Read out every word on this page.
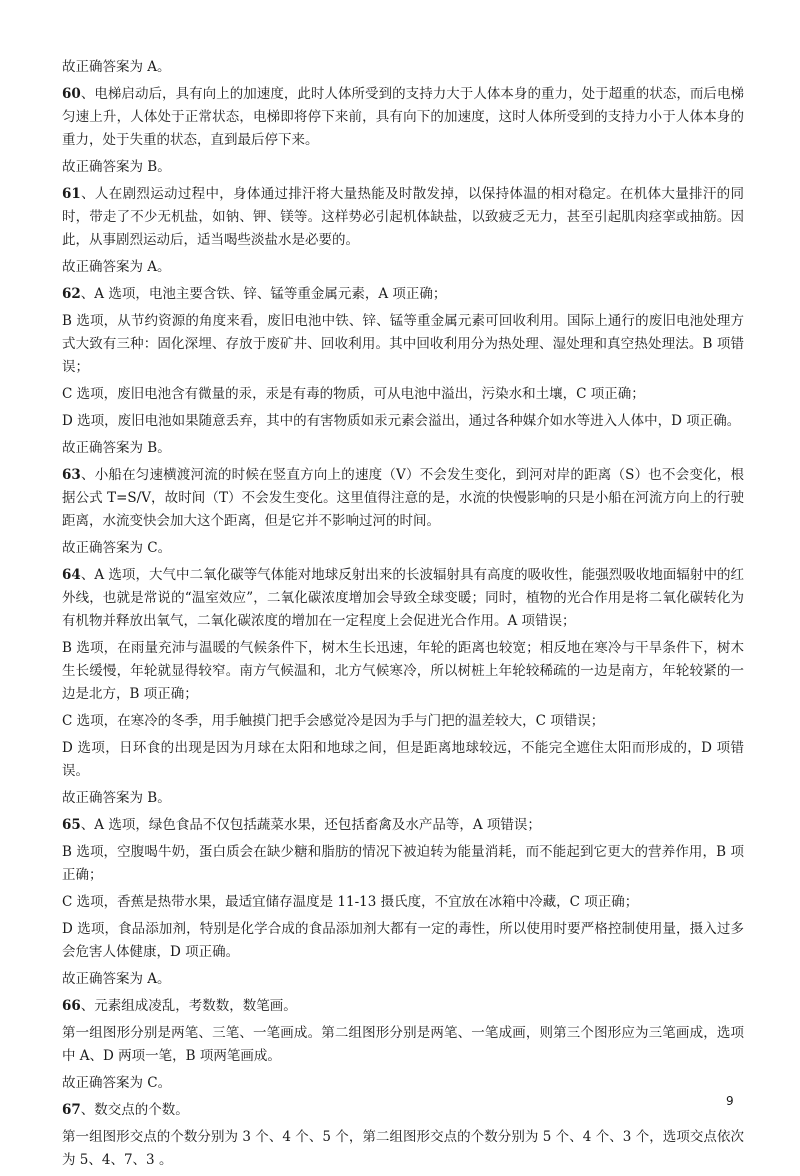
故正确答案为 A。

60、电梯启动后，具有向上的加速度，此时人体所受到的支持力大于人体本身的重力，处于超重的状态，而后电梯匀速上升，人体处于正常状态，电梯即将停下来前，具有向下的加速度，这时人体所受到的支持力小于人体本身的重力，处于失重的状态，直到最后停下来。

故正确答案为 B。

61、人在剧烈运动过程中，身体通过排汗将大量热能及时散发掉，以保持体温的相对稳定。在机体大量排汗的同时，带走了不少无机盐，如钠、钾、镁等。这样势必引起机体缺盐，以致疲乏无力，甚至引起肌肉痉挛或抽筋。因此，从事剧烈运动后，适当喝些淡盐水是必要的。

故正确答案为 A。

62、A 选项，电池主要含铁、锌、锰等重金属元素，A 项正确；

B 选项，从节约资源的角度来看，废旧电池中铁、锌、锰等重金属元素可回收利用。国际上通行的废旧电池处理方式大致有三种：固化深埋、存放于废矿井、回收利用。其中回收利用分为热处理、湿处理和真空热处理法。B 项错误；

C 选项，废旧电池含有微量的汞，汞是有毒的物质，可从电池中溢出，污染水和土壤，C 项正确；

D 选项，废旧电池如果随意丢弃，其中的有害物质如汞元素会溢出，通过各种媒介如水等进入人体中，D 项正确。

故正确答案为 B。

63、小船在匀速横渡河流的时候在竖直方向上的速度（V）不会发生变化，到河对岸的距离（S）也不会变化，根据公式 T=S/V，故时间（T）不会发生变化。这里值得注意的是，水流的快慢影响的只是小船在河流方向上的行驶距离，水流变快会加大这个距离，但是它并不影响过河的时间。

故正确答案为 C。

64、A 选项，大气中二氧化碳等气体能对地球反射出来的长波辐射具有高度的吸收性，能强烈吸收地面辐射中的红外线，也就是常说的“温室效应”，二氧化碳浓度增加会导致全球变暖；同时，植物的光合作用是将二氧化碳转化为有机物并释放出氧气，二氧化碳浓度的增加在一定程度上会促进光合作用。A 项错误；

B 选项，在雨量充沛与温暖的气候条件下，树木生长迅速，年轮的距离也较宽；相反地在寒冷与干旱条件下，树木生长缓慢，年轮就显得较窄。南方气候温和，北方气候寒冷，所以树桩上年轮较稀疏的一边是南方，年轮较紧的一边是北方，B 项正确；

C 选项，在寒冷的冬季，用手触摸门把手会感觉冷是因为手与门把的温差较大，C 项错误；

D 选项，日环食的出现是因为月球在太阳和地球之间，但是距离地球较远，不能完全遮住太阳而形成的，D 项错误。

故正确答案为 B。

65、A 选项，绿色食品不仅包括蔬菜水果，还包括畜禽及水产品等，A 项错误；

B 选项，空腹喝牛奶，蛋白质会在缺少糖和脂肪的情况下被迫转为能量消耗，而不能起到它更大的营养作用，B 项正确；

C 选项，香蕉是热带水果，最适宜储存温度是 11-13 摄氏度，不宜放在冰箱中冷藏，C 项正确；

D 选项，食品添加剂，特别是化学合成的食品添加剂大都有一定的毒性，所以使用时要严格控制使用量，摄入过多会危害人体健康，D 项正确。

故正确答案为 A。

66、元素组成凌乱，考数数，数笔画。

第一组图形分别是两笔、三笔、一笔画成。第二组图形分别是两笔、一笔成画，则第三个图形应为三笔画成，选项中 A、D 两项一笔，B 项两笔画成。

故正确答案为 C。

67、数交点的个数。

第一组图形交点的个数分别为 3 个、4 个、5 个，第二组图形交点的个数分别为 5 个、4 个、3 个，选项交点依次为 5、4、7、3 。

9
